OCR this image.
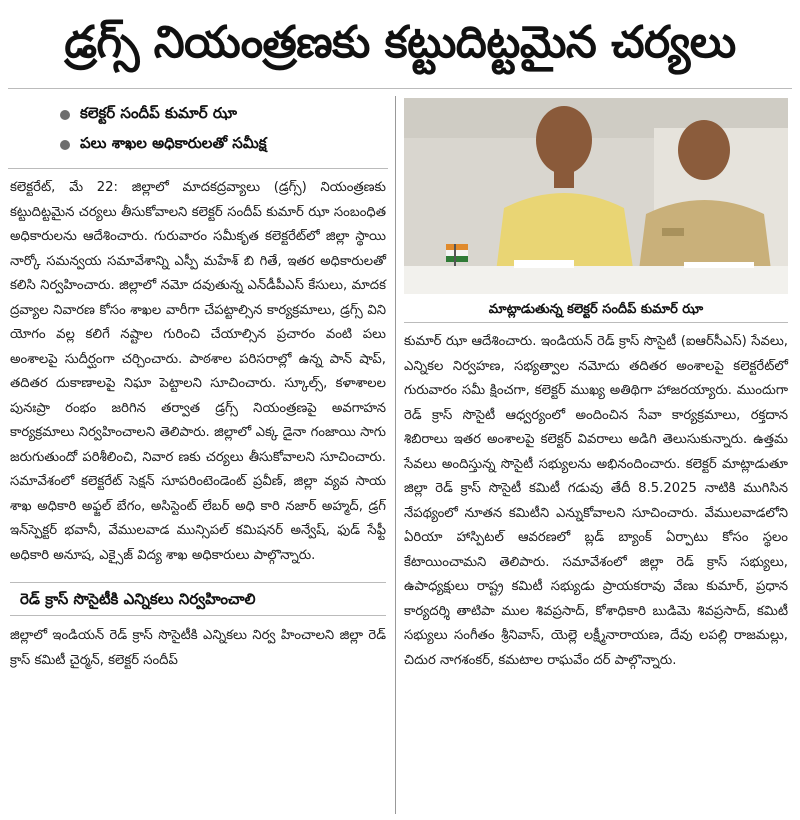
డ్రగ్స్ నియంత్రణకు కట్టుదిట్టమైన చర్యలు
కలెక్టర్ సందీప్ కుమార్ ఝా
పలు శాఖల అధికారులతో సమీక్ష

కలెక్టరేట్, మే 22: జిల్లాలో మాదకద్రవ్యాలు (డ్రగ్స్) నియంత్రణకు కట్టుదిట్టమైన చర్యలు తీసుకోవాలని కలెక్టర్ సందీప్ కుమార్ ఝా సంబంధిత అధికారులను ఆదేశించారు. గురువారం సమీకృత కలెక్టరేట్‌లో జిల్లా స్థాయి నార్కో సమన్వయ సమావేశాన్ని ఎస్పీ మహేశ్ బి గితే, ఇతర అధికారులతో కలిసి నిర్వహించారు. జిల్లాలో నమో దవుతున్న ఎన్‌డీపీఎస్ కేసులు, మాదక ద్రవ్యాల నివారణ కోసం శాఖల వారీగా చేపట్టాల్సిన కార్యక్రమాలు, డ్రగ్స్ విని యోగం వల్ల కలిగే నష్టాల గురించి చేయాల్సిన ప్రచారం వంటి పలు అంశాలపై సుదీర్ఘంగా చర్చించారు. పాఠశాల పరిసరాల్లో ఉన్న పాన్ షాప్, తదితర దుకాణాలపై నిఘా పెట్టాలని సూచించారు. స్కూల్స్, కళాశాలల పునఃప్రా రంభం జరిగిన తర్వాత డ్రగ్స్ నియంత్రణపై అవగాహన కార్యక్రమాలు నిర్వహించాలని తెలిపారు. జిల్లాలో ఎక్క డైనా గంజాయి సాగు జరుగుతుందో పరిశీలించి, నివార ణకు చర్యలు తీసుకోవాలని సూచించారు. సమావేశంలో కలెక్టరేట్ సెక్షన్ సూపరింటెండెంట్ ప్రవీణ్, జిల్లా వ్యవ సాయ శాఖ అధికారి అఫ్జల్ బేగం, అసిస్టెంట్ లేబర్ అధి కారి నజార్ అహ్మద్, డ్రగ్ ఇన్‌స్పెక్టర్ భవానీ, వేములవాడ మున్సిపల్ కమిషనర్ అన్వేష్, ఫుడ్ సేఫ్టీ అధికారి అనూష, ఎక్సైజ్ విద్య శాఖ అధికారులు పాల్గొన్నారు.

రెడ్ క్రాస్ సొసైటీకి ఎన్నికలు నిర్వహించాలి

జిల్లాలో ఇండియన్ రెడ్ క్రాస్ సొసైటీకి ఎన్నికలు నిర్వ హించాలని జిల్లా రెడ్ క్రాస్ కమిటీ చైర్మన్, కలెక్టర్ సందీప్

మాట్లాడుతున్న కలెక్టర్ సందీప్ కుమార్ ఝా

కుమార్ ఝా ఆదేశించారు. ఇండియన్ రెడ్ క్రాస్ సొసైటీ (ఐఆర్‌సీఎస్) సేవలు, ఎన్నికల నిర్వహణ, సభ్యత్వాల నమోదు తదితర అంశాలపై కలెక్టరేట్‌లో గురువారం సమీ క్షించగా, కలెక్టర్ ముఖ్య అతిథిగా హాజరయ్యారు. ముందుగా రెడ్ క్రాస్ సొసైటీ ఆధ్వర్యంలో అందించిన సేవా కార్యక్రమాలు, రక్తదాన శిబిరాలు ఇతర అంశాలపై కలెక్టర్ వివరాలు అడిగి తెలుసుకున్నారు. ఉత్తమ సేవలు అందిస్తున్న సొసైటీ సభ్యులను అభినందించారు. కలెక్టర్ మాట్లాడుతూ జిల్లా రెడ్ క్రాస్ సొసైటీ కమిటీ గడువు తేదీ 8.5.2025 నాటికి ముగిసిన నేపథ్యంలో నూతన కమిటీని ఎన్నుకోవాలని సూచించారు. వేములవాడలోని ఏరియా హాస్పిటల్ ఆవరణలో బ్లడ్ బ్యాంక్ ఏర్పాటు కోసం స్థలం కేటాయించామని తెలిపారు. సమావేశంలో జిల్లా రెడ్ క్రాస్ సభ్యులు, ఉపాధ్యక్షులు రాష్ట్ర కమిటీ సభ్యుడు ప్రాయకరావు వేణు కుమార్, ప్రధాన కార్యదర్శి తాటిపా ముల శివప్రసాద్, కోశాధికారి బుడిమె శివప్రసాద్, కమిటీ సభ్యులు సంగీతం శ్రీనివాస్, యెల్లె లక్ష్మీనారాయణ, దేవు లపల్లి రాజమల్లు, చిదుర నాగశంకర్, కమటాల రాఘవేం దర్ పాల్గొన్నారు.
